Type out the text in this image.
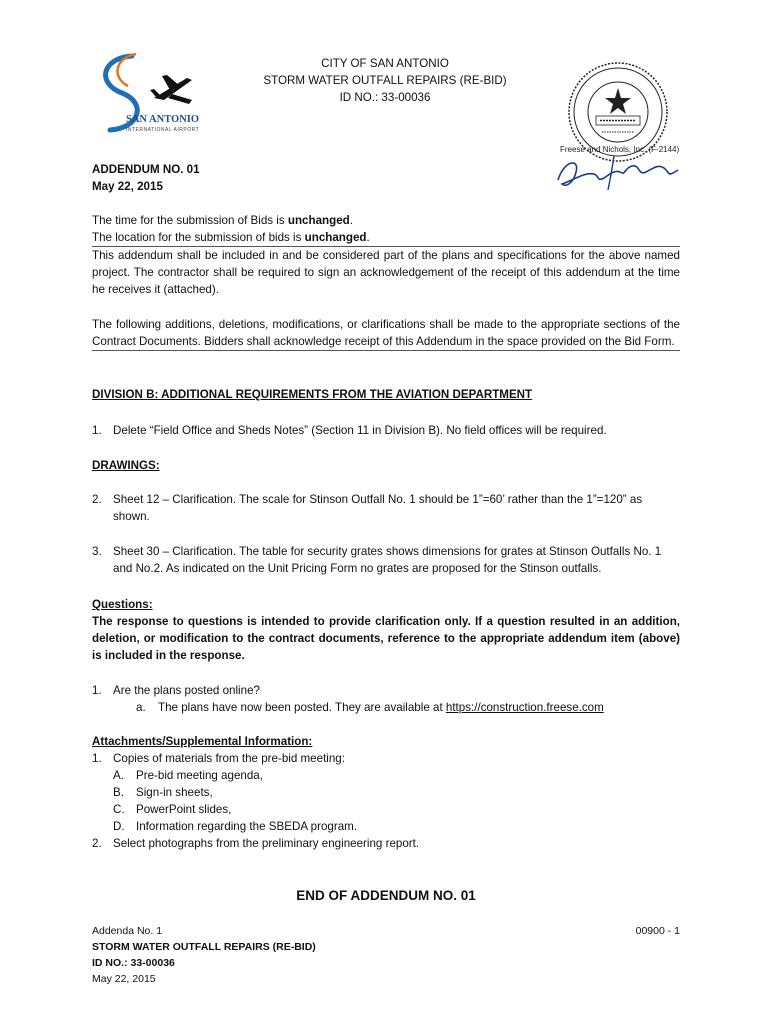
SAN ANTONIO
INTERNATIONAL AIRPORT
CITY OF SAN ANTONIO
STORM WATER OUTFALL REPAIRS (RE-BID)
ID NO.: 33-00036
Freese and Nichols, Inc. (F-2144)
ADDENDUM NO. 01
May 22, 2015
The time for the submission of Bids is unchanged.
The location for the submission of bids is unchanged.
This addendum shall be included in and be considered part of the plans and specifications for the above named project. The contractor shall be required to sign an acknowledgement of the receipt of this addendum at the time he receives it (attached).
The following additions, deletions, modifications, or clarifications shall be made to the appropriate sections of the Contract Documents. Bidders shall acknowledge receipt of this Addendum in the space provided on the Bid Form.
DIVISION B: ADDITIONAL REQUIREMENTS FROM THE AVIATION DEPARTMENT
1. Delete “Field Office and Sheds Notes” (Section 11 in Division B). No field offices will be required.
DRAWINGS:
2. Sheet 12 – Clarification. The scale for Stinson Outfall No. 1 should be 1”=60’ rather than the 1”=120” as shown.
3. Sheet 30 – Clarification. The table for security grates shows dimensions for grates at Stinson Outfalls No. 1 and No.2. As indicated on the Unit Pricing Form no grates are proposed for the Stinson outfalls.
Questions:
The response to questions is intended to provide clarification only. If a question resulted in an addition, deletion, or modification to the contract documents, reference to the appropriate addendum item (above) is included in the response.
1. Are the plans posted online?
a. The plans have now been posted. They are available at https://construction.freese.com
Attachments/Supplemental Information:
1. Copies of materials from the pre-bid meeting:
A. Pre-bid meeting agenda,
B. Sign-in sheets,
C. PowerPoint slides,
D. Information regarding the SBEDA program.
2. Select photographs from the preliminary engineering report.
END OF ADDENDUM NO. 01
Addenda No. 1
STORM WATER OUTFALL REPAIRS (RE-BID)
ID NO.: 33-00036
May 22, 2015
00900 - 1
